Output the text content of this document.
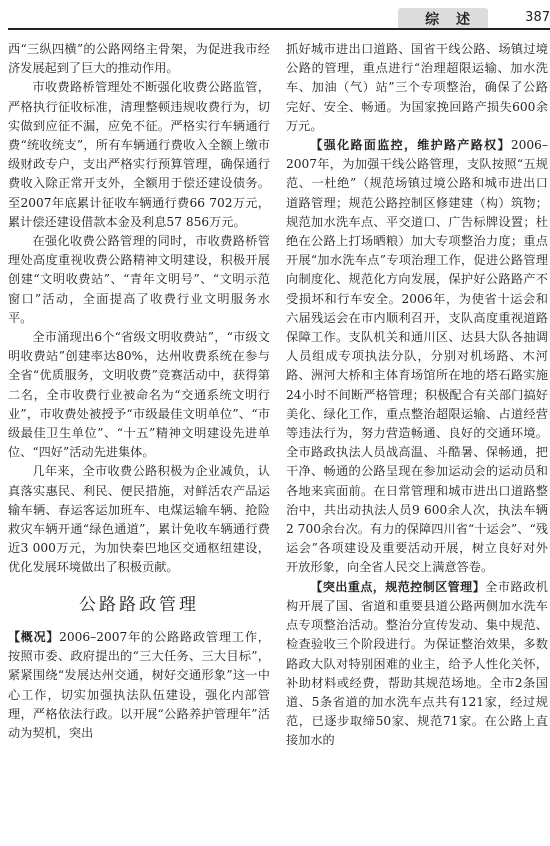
综 述	387

西“三纵四横”的公路网络主骨架，为促进我市经济发展起到了巨大的推动作用。

市收费路桥管理处不断强化收费公路监管，严格执行征收标准，清理整顿违规收费行为，切实做到应征不漏，应免不征。严格实行车辆通行费“统收统支”，所有车辆通行费收入全额上缴市级财政专户，支出严格实行预算管理，确保通行费收入除正常开支外，全额用于偿还建设债务。至2007年底累计征收车辆通行费66 702万元，累计偿还建设借款本金及利息57 856万元。

在强化收费公路管理的同时，市收费路桥管理处高度重视收费公路精神文明建设，积极开展创建“文明收费站”、“青年文明号”、“文明示范窗口”活动，全面提高了收费行业文明服务水平。

全市涌现出6个“省级文明收费站”，“市级文明收费站”创建率达80%，达州收费系统在参与全省“优质服务，文明收费”竞赛活动中，获得第二名，全市收费行业被命名为“交通系统文明行业”，市收费处被授予“市级最佳文明单位”、“市级最佳卫生单位”、“十五”精神文明建设先进单位、“四好”活动先进集体。

几年来，全市收费公路积极为企业减负，认真落实惠民、利民、便民措施，对鲜活农产品运输车辆、春运客运加班车、电煤运输车辆、抢险救灾车辆开通“绿色通道”，累计免收车辆通行费近3 000万元，为加快秦巴地区交通枢纽建设，优化发展环境做出了积极贡献。

公路路政管理

【概况】2006–2007年的公路路政管理工作，按照市委、政府提出的“三大任务、三大目标”，紧紧围绕“发展达州交通，树好交通形象”这一中心工作，切实加强执法队伍建设，强化内部管理，严格依法行政。以开展“公路养护管理年”活动为契机，突出

抓好城市进出口道路、国省干线公路、场镇过境公路的管理，重点进行“治理超限运输、加水洗车、加油（气）站”三个专项整治，确保了公路完好、安全、畅通。为国家挽回路产损失600余万元。

【强化路面监控，维护路产路权】2006–2007年，为加强干线公路管理，支队按照“五规范、一杜绝”（规范场镇过境公路和城市进出口道路管理；规范公路控制区修建建（构）筑物；规范加水洗车点、平交道口、广告标牌设置；杜绝在公路上打场晒粮）加大专项整治力度；重点开展“加水洗车点”专项治理工作，促进公路管理向制度化、规范化方向发展，保护好公路路产不受损坏和行车安全。2006年，为使省十运会和六届残运会在市内顺利召开，支队高度重视道路保障工作。支队机关和通川区、达县大队各抽调人员组成专项执法分队，分别对机场路、木河路、洲河大桥和主体育场馆所在地的塔石路实施24小时不间断严格管理；积极配合有关部门搞好美化、绿化工作，重点整治超限运输、占道经营等违法行为，努力营造畅通、良好的交通环境。全市路政执法人员战高温、斗酷暑、保畅通，把干净、畅通的公路呈现在参加运动会的运动员和各地来宾面前。在日常管理和城市进出口道路整治中，共出动执法人员9 600余人次，执法车辆2 700余台次。有力的保障四川省“十运会”、“残运会”各项建设及重要活动开展，树立良好对外开放形象，向全省人民交上满意答卷。

【突出重点，规范控制区管理】全市路政机构开展了国、省道和重要县道公路两侧加水洗车点专项整治活动。整治分宣传发动、集中规范、检查验收三个阶段进行。为保证整治效果，多数路政大队对特别困难的业主，给予人性化关怀，补助材料或经费，帮助其规范场地。全市2条国道、5条省道的加水洗车点共有121家，经过规范，已逐步取缔50家、规范71家。在公路上直接加水的
